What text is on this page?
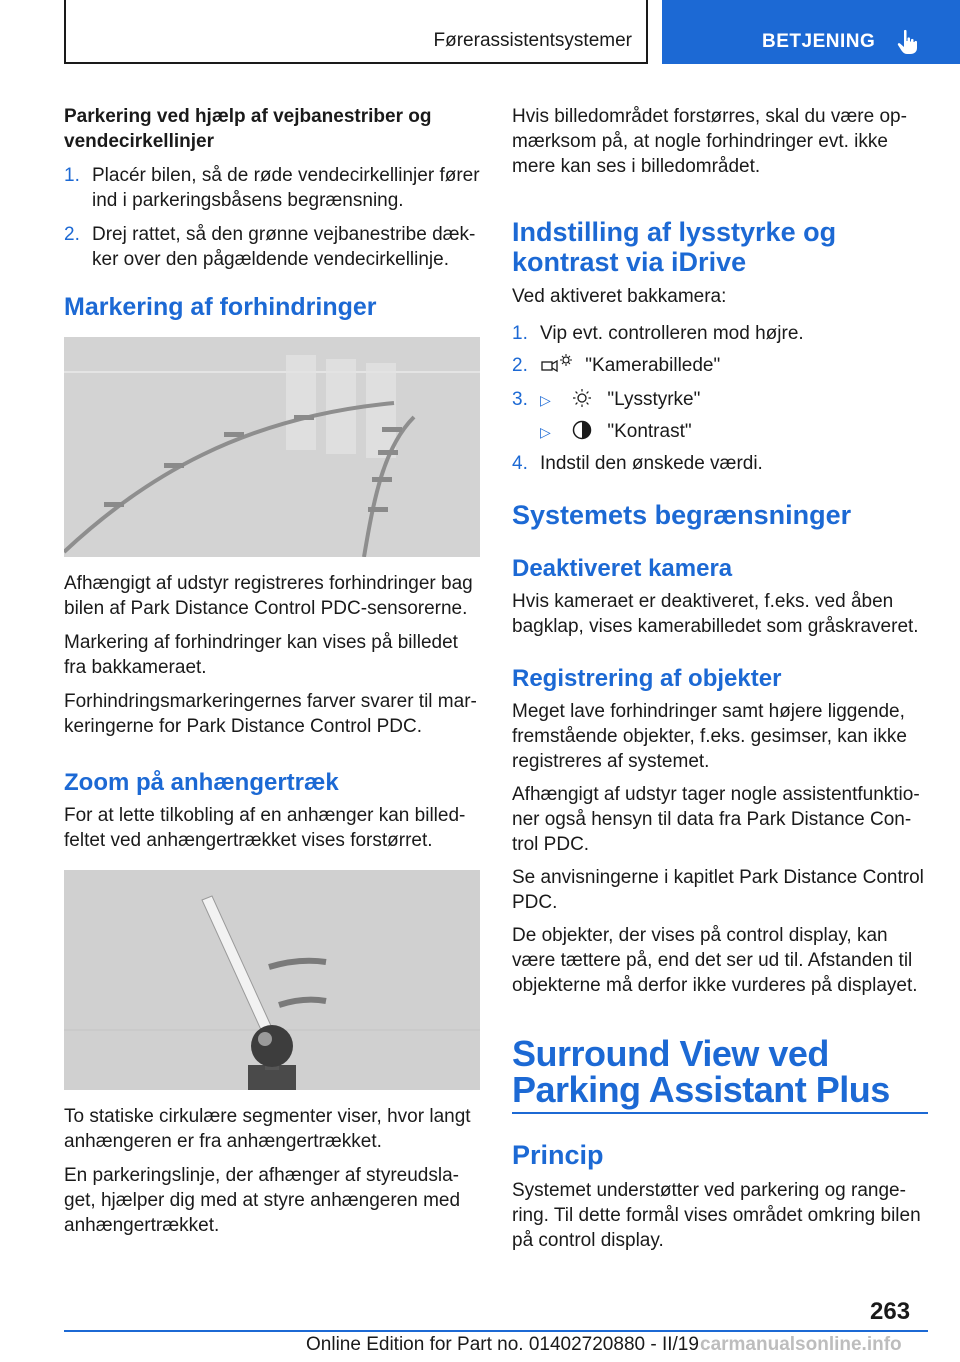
Førerassistentsystemer	BETJENING

Parkering ved hjælp af vejbanestriber og vendecirkellinjer

1. Placér bilen, så de røde vendecirkellinjer fører ind i parkeringsbåsens begrænsning.
2. Drej rattet, så den grønne vejbanestribe dæk-ker over den pågældende vendecirkellinje.
Markering af forhindringer

Afhængigt af udstyr registreres forhindringer bag bilen af Park Distance Control PDC-sensorerne.

Markering af forhindringer kan vises på billedet fra bakkameraet.

Forhindringsmarkeringernes farver svarer til mar-keringerne for Park Distance Control PDC.

Zoom på anhængertræk

For at lette tilkobling af en anhænger kan billed-feltet ved anhængertrækket vises forstørret.

To statiske cirkulære segmenter viser, hvor langt anhængeren er fra anhængertrækket.

En parkeringslinje, der afhænger af styreudsla-get, hjælper dig med at styre anhængeren med anhængertrækket.

Hvis billedområdet forstørres, skal du være op-mærksom på, at nogle forhindringer evt. ikke mere kan ses i billedområdet.

Indstilling af lysstyrke og kontrast via iDrive
Ved aktiveret bakkamera:
1. Vip evt. controlleren mod højre.
2.	"Kamerabillede"
3. ▷	"Lysstyrke"
▷	"Kontrast"
4. Indstil den ønskede værdi.
Systemets begrænsninger
Deaktiveret kamera

Hvis kameraet er deaktiveret, f.eks. ved åben bagklap, vises kamerabilledet som gråskraveret.

Registrering af objekter

Meget lave forhindringer samt højere liggende, fremstående objekter, f.eks. gesimser, kan ikke registreres af systemet.

Afhængigt af udstyr tager nogle assistentfunktio-ner også hensyn til data fra Park Distance Con-trol PDC.

Se anvisningerne i kapitlet Park Distance Control PDC.

De objekter, der vises på control display, kan være tættere på, end det ser ud til. Afstanden til objekterne må derfor ikke vurderes på displayet.

Surround View ved Parking Assistant Plus
Princip

Systemet understøtter ved parkering og range-ring. Til dette formål vises området omkring bilen på control display.

263
Online Edition for Part no. 01402720880 - II/19 carmanualsonline.info
